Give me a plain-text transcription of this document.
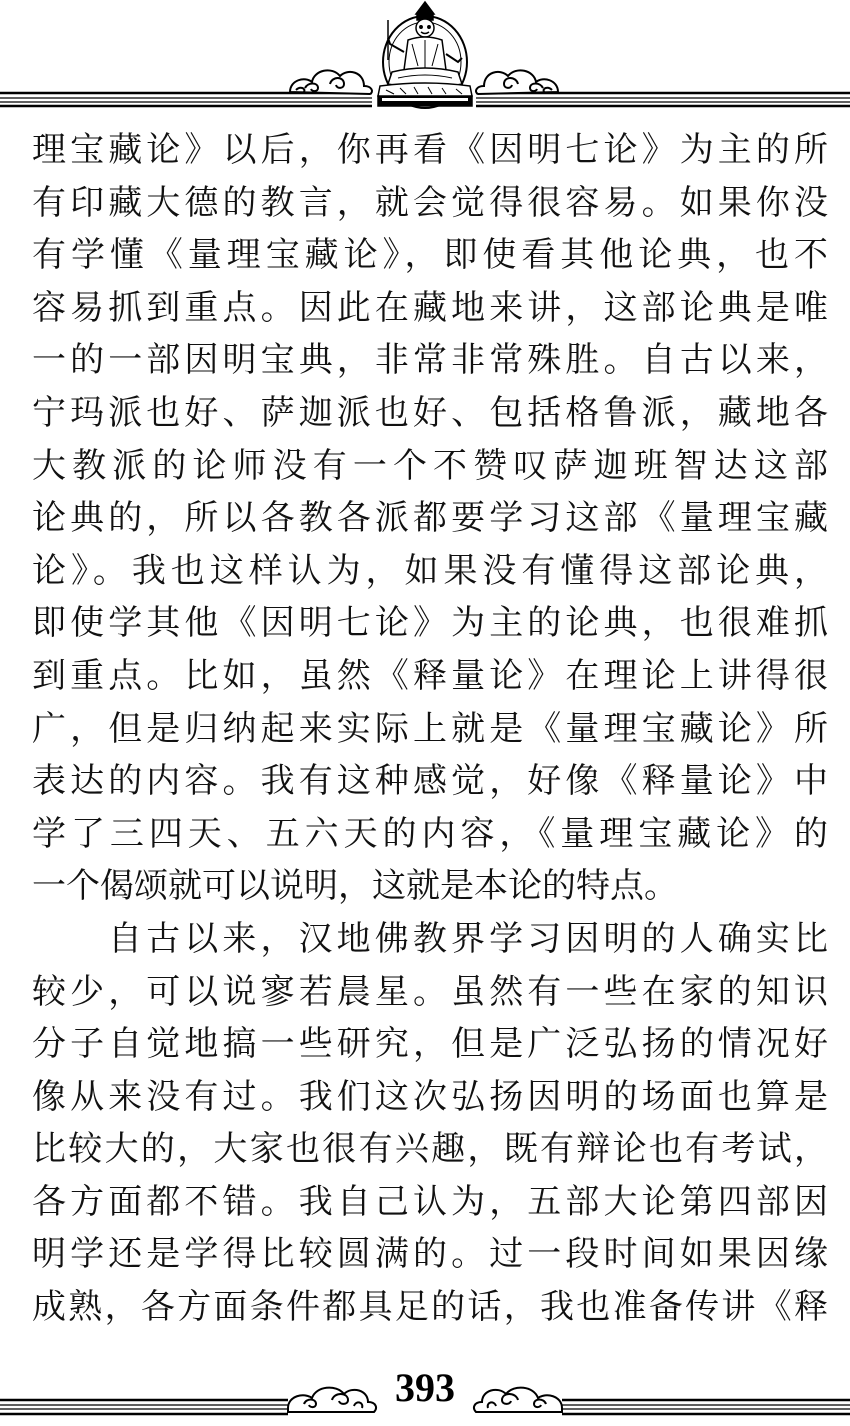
理宝藏论》以后，你再看《因明七论》为主的所
有印藏大德的教言，就会觉得很容易。如果你没
有学懂《量理宝藏论》，即使看其他论典，也不
容易抓到重点。因此在藏地来讲，这部论典是唯
一的一部因明宝典，非常非常殊胜。自古以来，
宁玛派也好、萨迦派也好、包括格鲁派，藏地各
大教派的论师没有一个不赞叹萨迦班智达这部
论典的，所以各教各派都要学习这部《量理宝藏
论》。我也这样认为，如果没有懂得这部论典，
即使学其他《因明七论》为主的论典，也很难抓
到重点。比如，虽然《释量论》在理论上讲得很
广，但是归纳起来实际上就是《量理宝藏论》所
表达的内容。我有这种感觉，好像《释量论》中
学了三四天、五六天的内容，《量理宝藏论》的
一个偈颂就可以说明，这就是本论的特点。
自古以来，汉地佛教界学习因明的人确实比
较少，可以说寥若晨星。虽然有一些在家的知识
分子自觉地搞一些研究，但是广泛弘扬的情况好
像从来没有过。我们这次弘扬因明的场面也算是
比较大的，大家也很有兴趣，既有辩论也有考试，
各方面都不错。我自己认为，五部大论第四部因
明学还是学得比较圆满的。过一段时间如果因缘
成熟，各方面条件都具足的话，我也准备传讲《释
393
